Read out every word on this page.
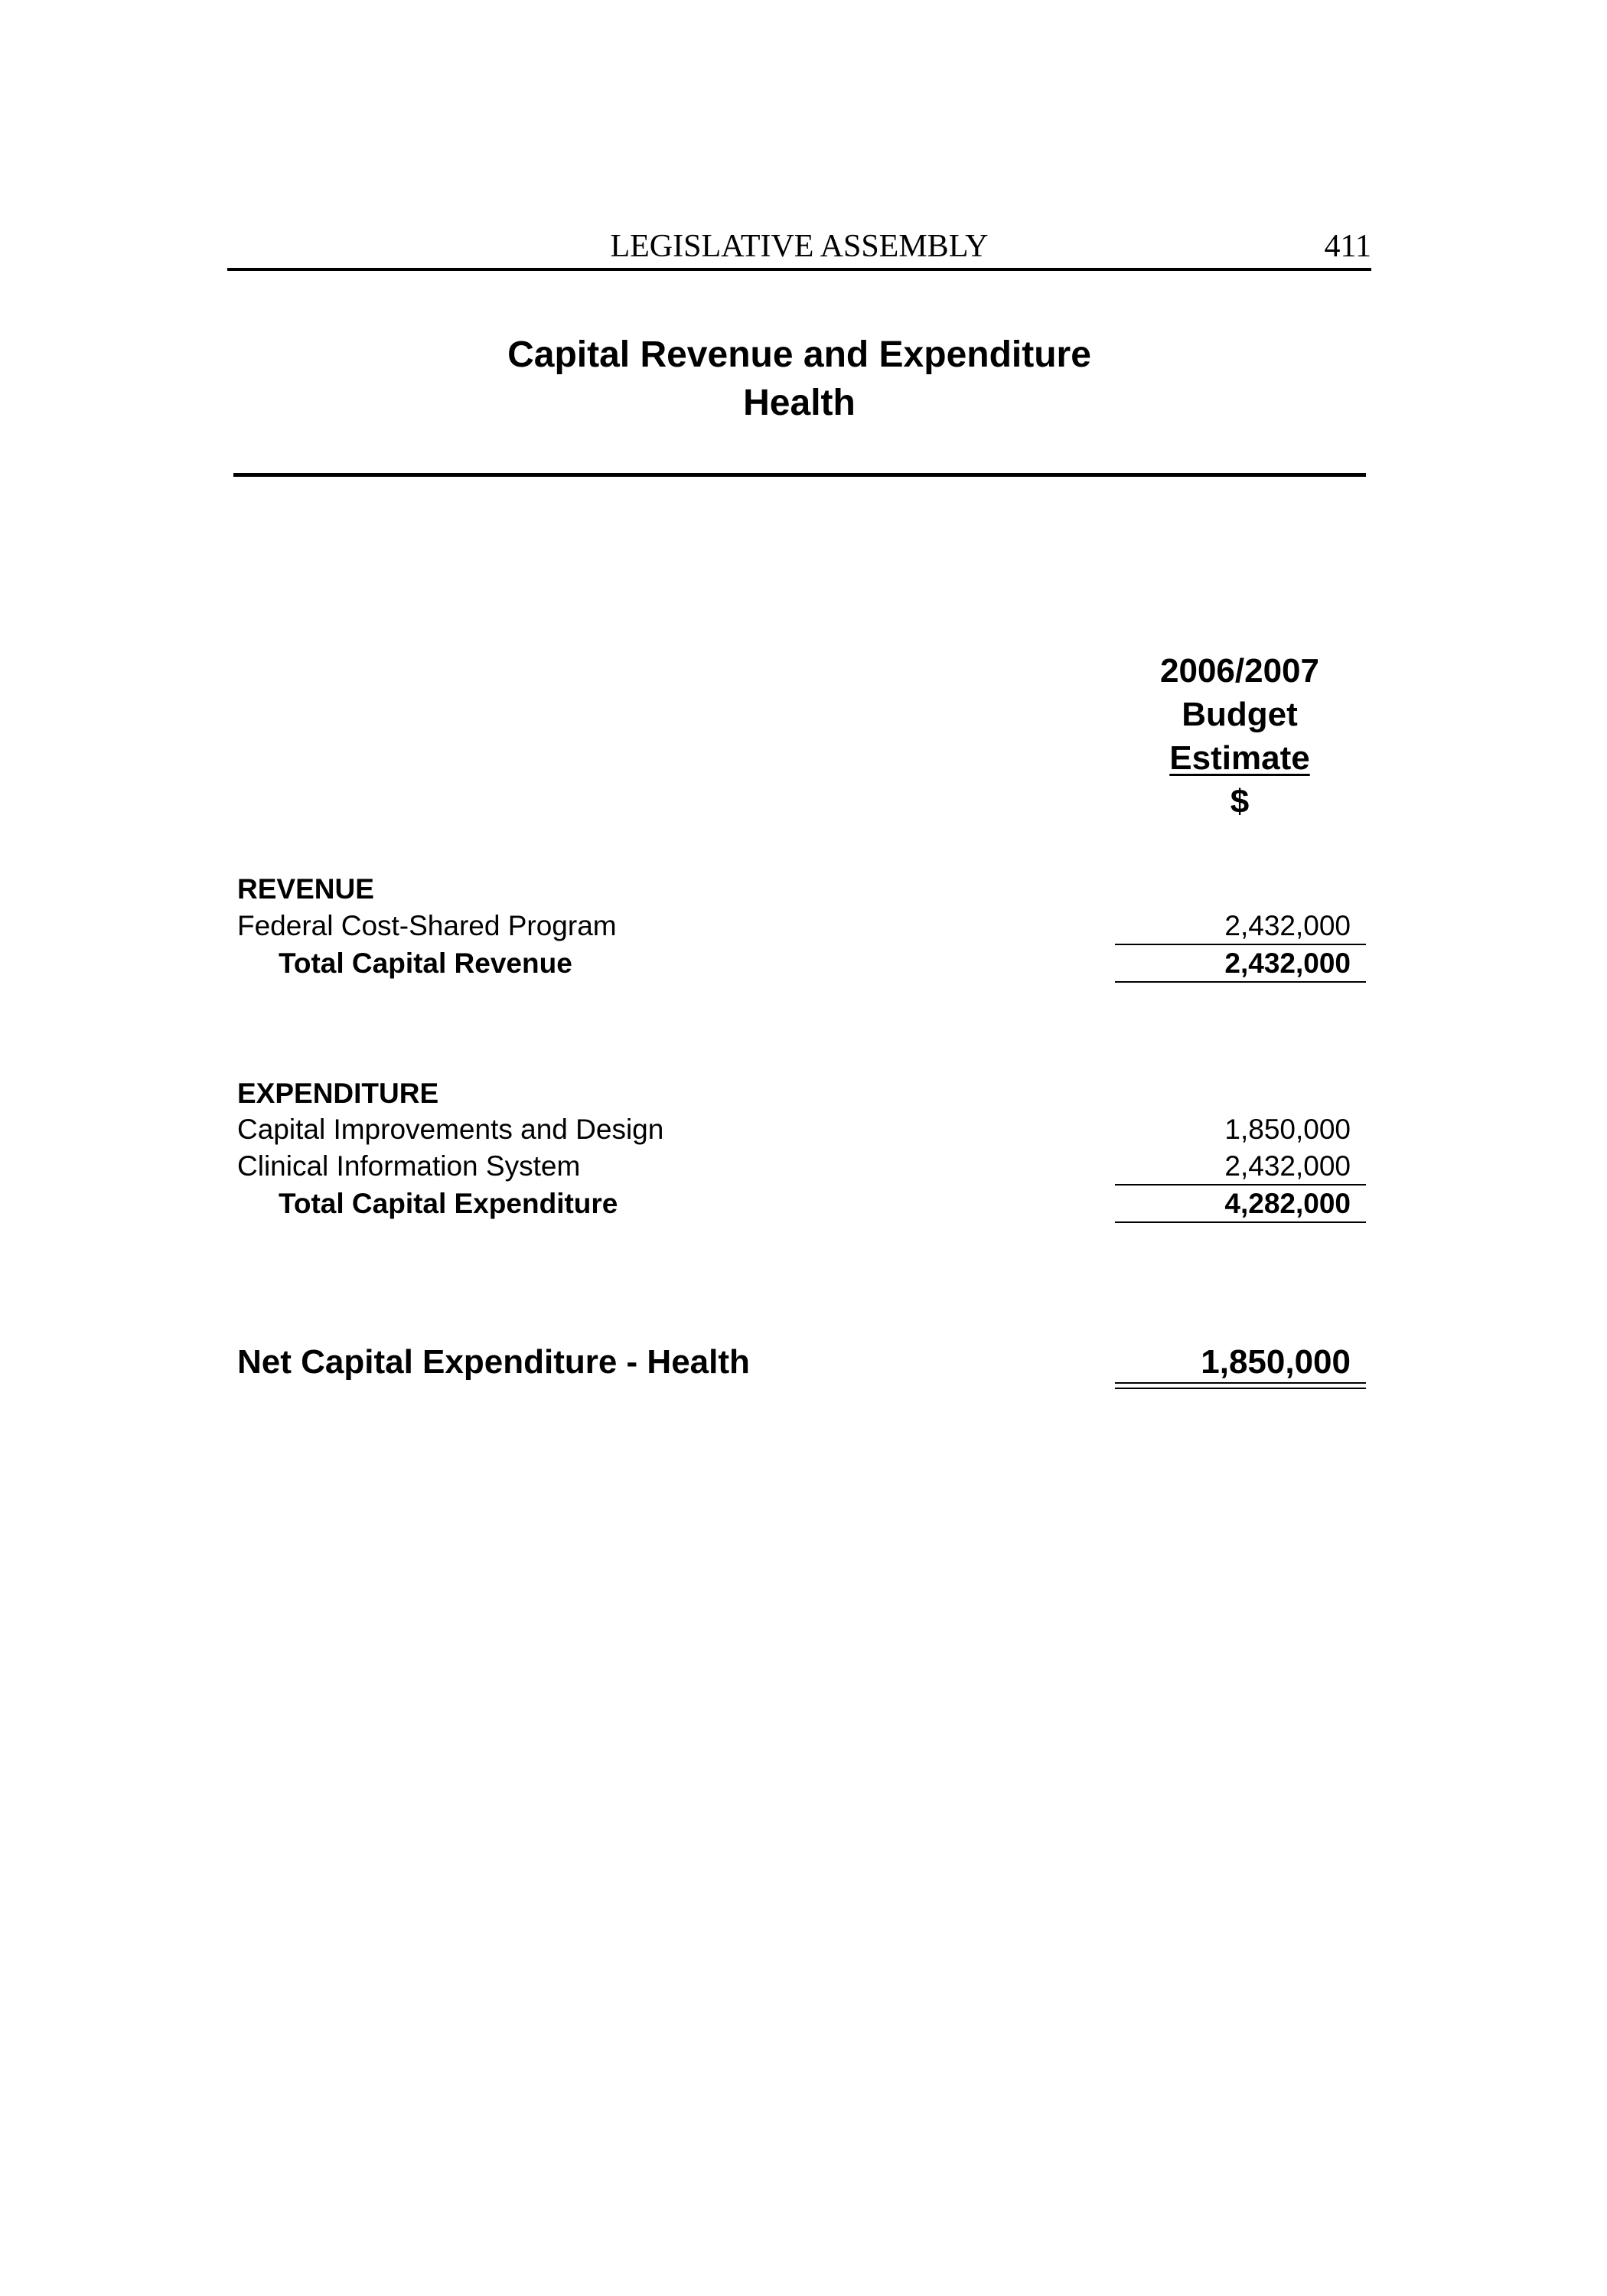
LEGISLATIVE ASSEMBLY	411
Capital Revenue and Expenditure
Health
2006/2007
Budget
Estimate
$
REVENUE
Federal Cost-Shared Program	2,432,000
Total Capital Revenue	2,432,000
EXPENDITURE
Capital Improvements and Design	1,850,000
Clinical Information System	2,432,000
Total Capital Expenditure	4,282,000
Net Capital Expenditure - Health	1,850,000
